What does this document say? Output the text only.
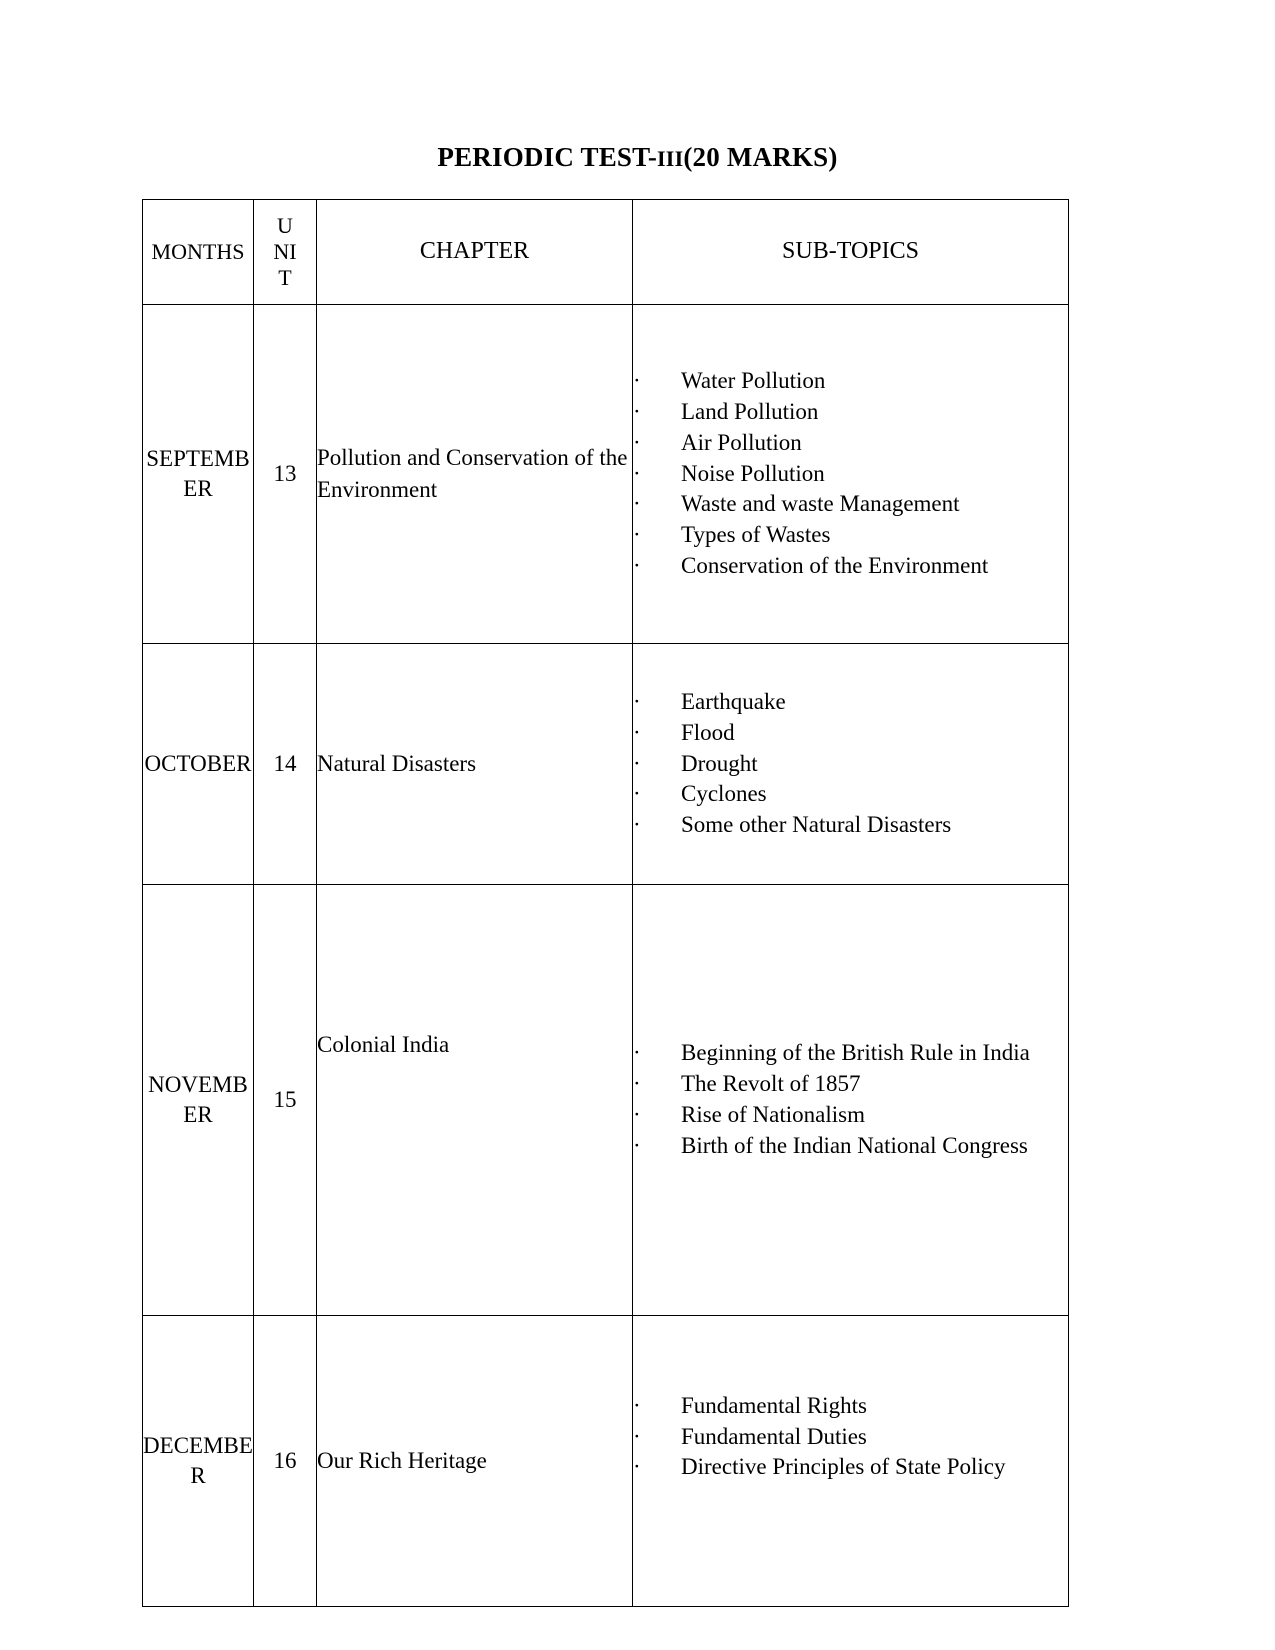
PERIODIC TEST-III(20 MARKS)
MONTHS	UNIT	CHAPTER	SUB-TOPICS
SEPTEMBER	13	Pollution and Conservation of the Environment	
· Water Pollution
· Land Pollution
· Air Pollution
· Noise Pollution
· Waste and waste Management
· Types of Wastes
· Conservation of the Environment

OCTOBER	14	Natural Disasters	
· Earthquake
· Flood
· Drought
· Cyclones
· Some other Natural Disasters

NOVEMBER	15	Colonial India	· Beginning of the British Rule in India
· The Revolt of 1857
· Rise of Nationalism
· Birth of the Indian National Congress

DECEMBER	16	Our Rich Heritage	
· Fundamental Rights
· Fundamental Duties
· Directive Principles of State Policy
